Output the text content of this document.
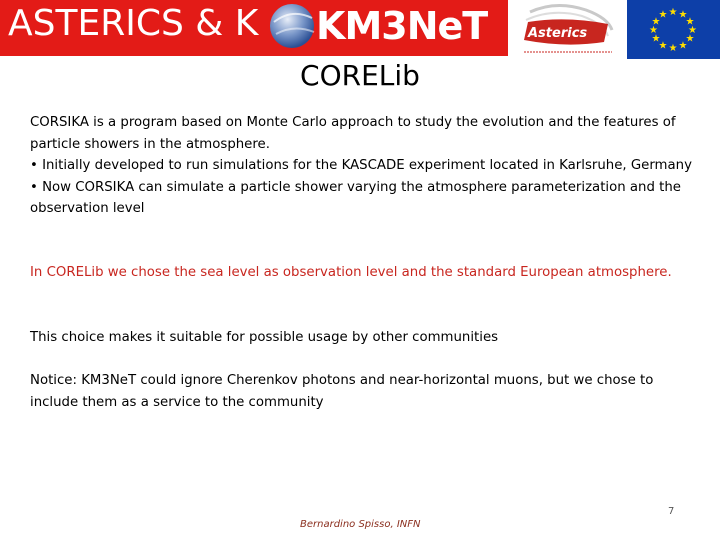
ASTERICS & K KM3NeT	Asterics
★ ★
★
★
★
★
★
★
★
★
★
★
CORELib

CORSIKA is a program based on Monte Carlo approach to study the evolution and the features of particle showers in the atmosphere.

• Initially developed to run simulations for the KASCADE experiment located in Karlsruhe, Germany

• Now CORSIKA can simulate a particle shower varying the atmosphere parameterization and the observation level

In CORELib we chose the sea level as observation level and the standard European atmosphere.
This choice makes it suitable for possible usage by other communities
Notice: KM3NeT could ignore Cherenkov photons and near-horizontal muons, but we chose to include them as a service to the community
Bernardino Spisso, INFN
7
